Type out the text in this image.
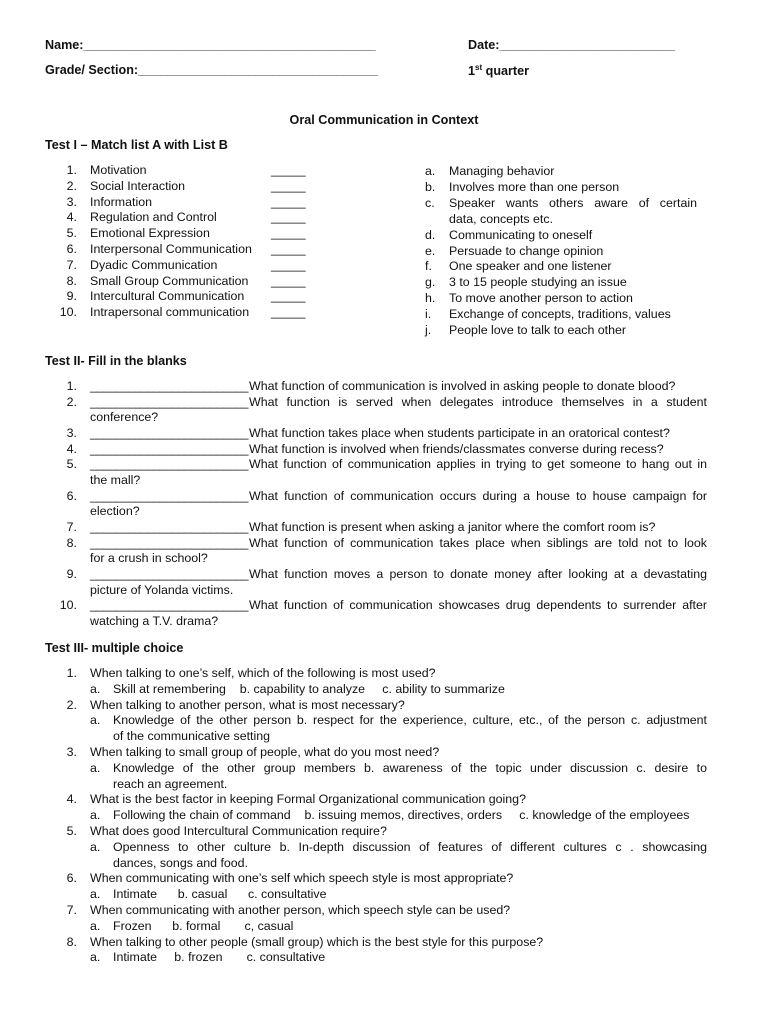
Name:__________________________________________________	Date:______________________________
Grade/ Section:_________________________________________	1st quarter
Oral Communication in Context
Test I – Match list A with List B
1. Motivation	_____
2. Social Interaction	_____
3. Information	_____
4. Regulation and Control	_____
5. Emotional Expression	_____
6. Interpersonal Communication _____
7. Dyadic Communication	_____
8. Small Group Communication _____
9. Intercultural Communication _____
10. Intrapersonal communication _____
a. Managing behavior
b. Involves more than one person
c. Speaker wants others aware of certain
data, concepts etc.
d. Communicating to oneself
e. Persuade to change opinion
f. One speaker and one listener
g. 3 to 15 people studying an issue
h. To move another person to action
i. Exchange of concepts, traditions, values
j. People love to talk to each other
Test II- Fill in the blanks
1. _________________________ What function of communication is involved in asking people to donate blood?
2. _________________________ What function is served when delegates introduce themselves in a student
conference?
3. _________________________ What function takes place when students participate in an oratorical contest?
4. _________________________ What function is involved when friends/classmates converse during recess?
5. _________________________ What function of communication applies in trying to get someone to hang out in
the mall?
6. _________________________ What function of communication occurs during a house to house campaign for
election?
7. _________________________ What function is present when asking a janitor where the comfort room is?
8. _________________________ What function of communication takes place when siblings are told not to look
for a crush in school?
9. _________________________ What function moves a person to donate money after looking at a devastating
picture of Yolanda victims.
10. _________________________ What function of communication showcases drug dependents to surrender after
watching a T.V. drama?
Test III- multiple choice
1. When talking to one’s self, which of the following is most used?
a. Skill at remembering    b. capability to analyze     c. ability to summarize
2. When talking to another person, what is most necessary?
a. Knowledge of the other person b. respect for the experience, culture, etc., of the person c. adjustment
of the communicative setting
3. When talking to small group of people, what do you most need?
a. Knowledge of the other group members b. awareness of the topic under discussion c. desire to
reach an agreement.
4. What is the best factor in keeping Formal Organizational communication going?
a. Following the chain of command    b. issuing memos, directives, orders     c. knowledge of the employees
5. What does good Intercultural Communication require?
a. Openness to other culture b. In-depth discussion of features of different cultures c . showcasing
dances, songs and food.
6. When communicating with one’s self which speech style is most appropriate?
a. Intimate      b. casual      c. consultative
7. When communicating with another person, which speech style can be used?
a. Frozen      b. formal       c, casual
8. When talking to other people (small group) which is the best style for this purpose?
a. Intimate     b. frozen       c. consultative
